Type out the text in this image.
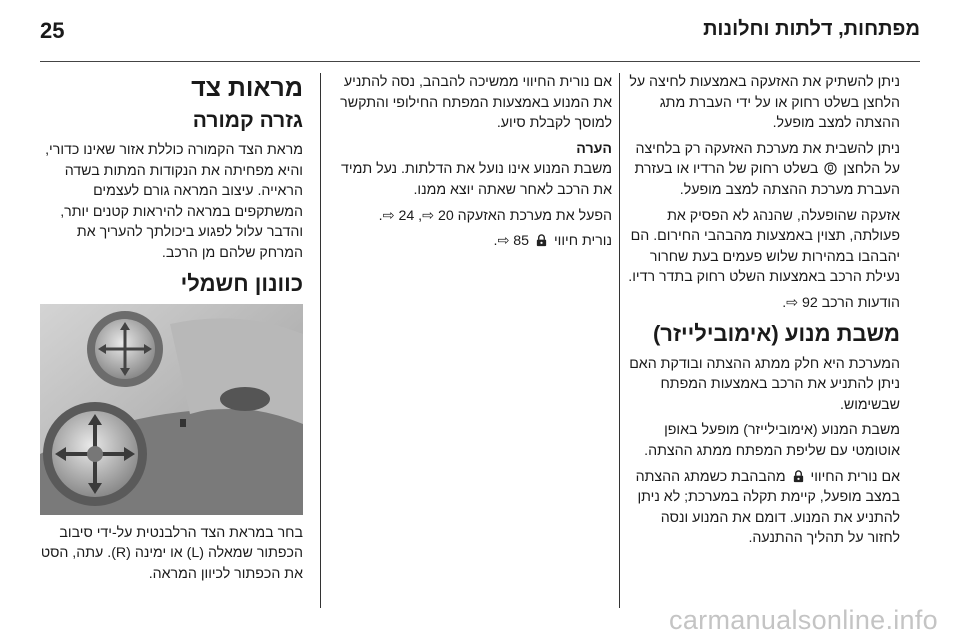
25	מפתחות, דלתות וחלונות

ניתן להשתיק את האזעקה באמצעות לחיצה על הלחצן בשלט רחוק או על ידי העברת מתג ההצתה למצב מופעל.

ניתן להשבית את מערכת האזעקה רק בלחיצה על הלחצן  בשלט רחוק של הרדיו או בעזרת העברת מערכת ההצתה למצב מופעל.

אזעקה שהופעלה, שהנהג לא הפסיק את פעולתה, תצוין באמצעות מהבהבי החירום. הם יהבהבו במהירות שלוש פעמים בעת שחרור נעילת הרכב באמצעות השלט רחוק בתדר רדיו.

הודעות הרכב 92 ⇨.

משבת מנוע (אימובילייזר)

המערכת היא חלק ממתג ההצתה ובודקת האם ניתן להתניע את הרכב באמצעות המפתח שבשימוש.

משבת המנוע (אימובילייזר) מופעל באופן אוטומטי עם שליפת המפתח ממתג ההצתה.

אם נורית החיווי  מהבהבת כשמתג ההצתה במצב מופעל, קיימת תקלה במערכת; לא ניתן להתניע את המנוע. דומם את המנוע ונסה לחזור על תהליך ההתנעה.

אם נורית החיווי ממשיכה להבהב, נסה להתניע את המנוע באמצעות המפתח החילופי והתקשר למוסך לקבלת סיוע.

הערה

משבת המנוע אינו נועל את הדלתות. נעל תמיד את הרכב לאחר שאתה יוצא ממנו.

הפעל את מערכת האזעקה 20 ⇨, 24 ⇨.

נורית חיווי  85 ⇨.

מראות צד
גזרה קמורה

מראת הצד הקמורה כוללת אזור שאינו כדורי, והיא מפחיתה את הנקודות המתות בשדה הראייה. עיצוב המראה גורם לעצמים המשתקפים במראה להיראות קטנים יותר, והדבר עלול לפגוע ביכולתך להעריך את המרחק שלהם מן הרכב.

כוונון חשמלי

בחר במראת הצד הרלבנטית על-ידי סיבוב הכפתור שמאלה (L) או ימינה (R). עתה, הסט את הכפתור לכיוון המראה.

carmanualsonline.info
